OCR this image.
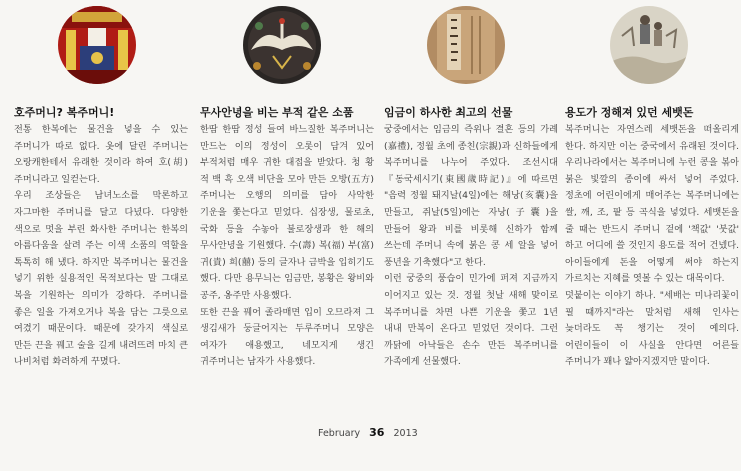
호주머니? 복주머니!

전통 한복에는 물건을 넣을 수 있는 주머니가 따로 없다. 옷에 달린 주머니는 오랑캐한테서 유래한 것이라 하여 호(胡)주머니라고 일컫는다.

우리 조상들은 남녀노소를 막론하고 자그마한 주머니를 달고 다녔다. 다양한 색으로 멋을 부린 화사한 주머니는 한복의 아름다움을 살려 주는 이색 소품의 역할을 톡톡히 해 냈다. 하지만 복주머니는 물건을 넣기 위한 실용적인 목적보다는 말 그대로 복을 기원하는 의미가 강하다. 주머니를 좋은 일을 가져오거나 복을 담는 그릇으로 여겼기 때문이다. 때문에 갖가지 색실로 만든 끈을 꿰고 술을 길게 내려뜨려 마치 큰 나비처럼 화려하게 꾸몄다.

무사안녕을 비는 부적 같은 소품

한땀 한땀 정성 들여 바느질한 복주머니는 만드는 이의 정성이 오롯이 담겨 있어 부적처럼 매우 귀한 대접을 받았다. 청 황 적 백 흑 오색 비단을 모아 만든 오방(五方)주머니는 오행의 의미를 담아 사악한 기운을 쫓는다고 믿었다. 십장생, 물로초, 국화 등을 수놓아 불로장생과 한 해의 무사안녕을 기원했다. 수(壽) 복(福) 부(富) 귀(貴) 희(囍) 등의 글자나 금박을 입히기도 했다. 다만 용무늬는 임금만, 봉황은 왕비와 공주, 옹주만 사용했다.

또한 끈을 꿰어 졸라매면 입이 오므라져 그 생김새가 둥글어지는 두루주머니 모양은 여자가 애용했고, 네모지게 생긴 귀주머니는 남자가 사용했다.

임금이 하사한 최고의 선물

궁중에서는 임금의 즉위나 결혼 등의 가례(嘉禮), 정월 초에 종친(宗親)과 신하들에게 복주머니를 나누어 주었다. 조선시대 『동국세시기(東國歲時記)』에 따르면 "음력 정월 돼지날(4일)에는 해낭(亥囊)을 만들고, 쥐날(5일)에는 자낭(子囊)을 만들어 왕과 비를 비롯해 신하가 함께 쓰는데 주머니 속에 붉은 콩 세 알을 넣어 풍년을 기축했다"고 한다.

이런 궁중의 풍습이 민가에 퍼져 지금까지 이어지고 있는 것. 정월 첫날 새해 맞이로 복주머니를 차면 나쁜 기운을 쫓고 1년 내내 만복이 온다고 믿었던 것이다. 그런 까닭에 아낙들은 손수 만든 복주머니를 가족에게 선물했다.

용도가 정해져 있던 세뱃돈

복주머니는 자연스레 세뱃돈을 떠올리게 한다. 하지만 이는 중국에서 유래된 것이다. 우리나라에서는 복주머니에 누런 콩을 볶아 붉은 빛깔의 종이에 싸서 넣어 주었다. 정초에 어린이에게 매어주는 복주머니에는 쌀, 깨, 조, 팥 등 곡식을 넣었다. 세뱃돈을 줄 때는 반드시 주머니 겉에 '책값' '붓값' 하고 어디에 쓸 것인지 용도를 적어 건넸다. 아이들에게 돈을 어떻게 써야 하는지 가르치는 지혜를 엿볼 수 있는 대목이다.

덧붙이는 이야기 하나. "세배는 미나리꽃이 필 때까지"라는 말처럼 새해 인사는 늦더라도 꼭 챙기는 것이 예의다. 어린이들이 이 사실을 안다면 어른들 주머니가 꽤나 얇아지겠지만 말이다.

February 36 2013
